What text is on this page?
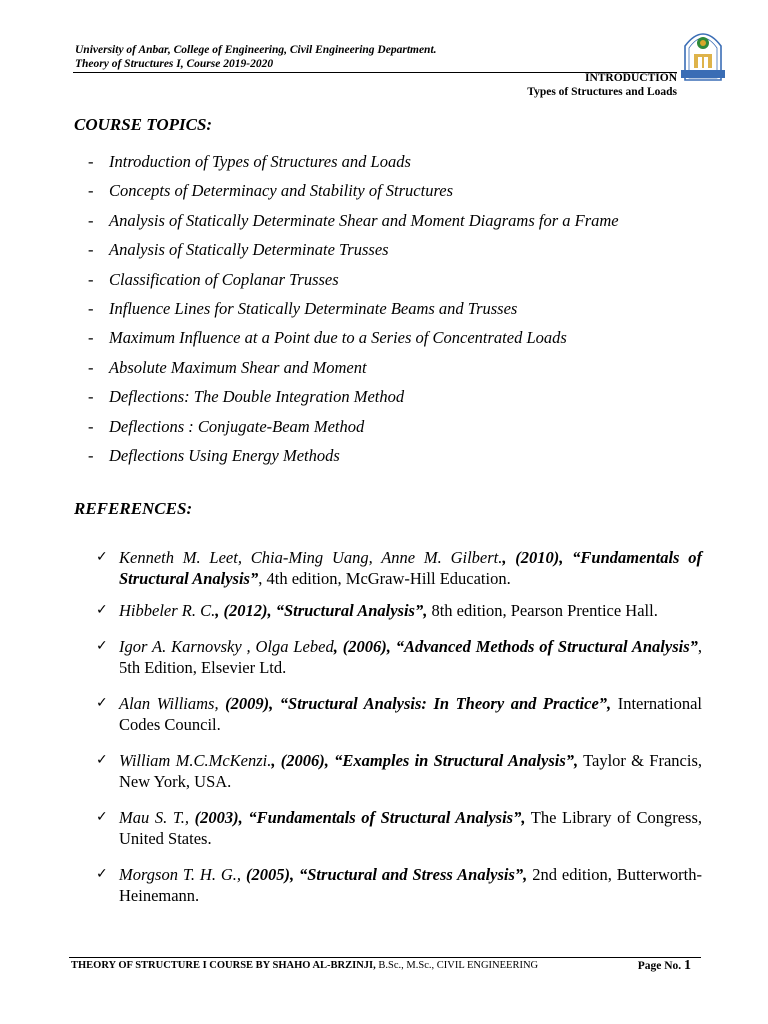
University of Anbar, College of Engineering, Civil Engineering Department.
Theory of Structures I, Course 2019-2020
INTRODUCTION
Types of Structures and Loads
COURSE TOPICS:
- Introduction of Types of Structures and Loads
- Concepts of Determinacy and Stability of Structures
- Analysis of Statically Determinate Shear and Moment Diagrams for a Frame
- Analysis of Statically Determinate Trusses
- Classification of Coplanar Trusses
- Influence Lines for Statically Determinate Beams and Trusses
- Maximum Influence at a Point due to a Series of Concentrated Loads
- Absolute Maximum Shear and Moment
- Deflections: The Double Integration Method
- Deflections : Conjugate-Beam Method
- Deflections Using Energy Methods
REFERENCES:
✓ Kenneth M. Leet, Chia-Ming Uang, Anne M. Gilbert., (2010), “Fundamentals of Structural Analysis”, 4th edition, McGraw-Hill Education.
✓ Hibbeler R. C., (2012), “Structural Analysis”, 8th edition, Pearson Prentice Hall.
✓ Igor A. Karnovsky , Olga Lebed, (2006), “Advanced Methods of Structural Analysis”, 5th Edition, Elsevier Ltd.
✓ Alan Williams, (2009), “Structural Analysis: In Theory and Practice”, International Codes Council.
✓ William M.C.McKenzi., (2006), “Examples in Structural Analysis”, Taylor & Francis, New York, USA.
✓ Mau S. T., (2003), “Fundamentals of Structural Analysis”, The Library of Congress, United States.
✓ Morgson T. H. G., (2005), “Structural and Stress Analysis”, 2nd edition, Butterworth-Heinemann.
THEORY OF STRUCTURE I COURSE BY SHAHO AL-BRZINJI, B.Sc., M.Sc., CIVIL ENGINEERING	Page No. 1
